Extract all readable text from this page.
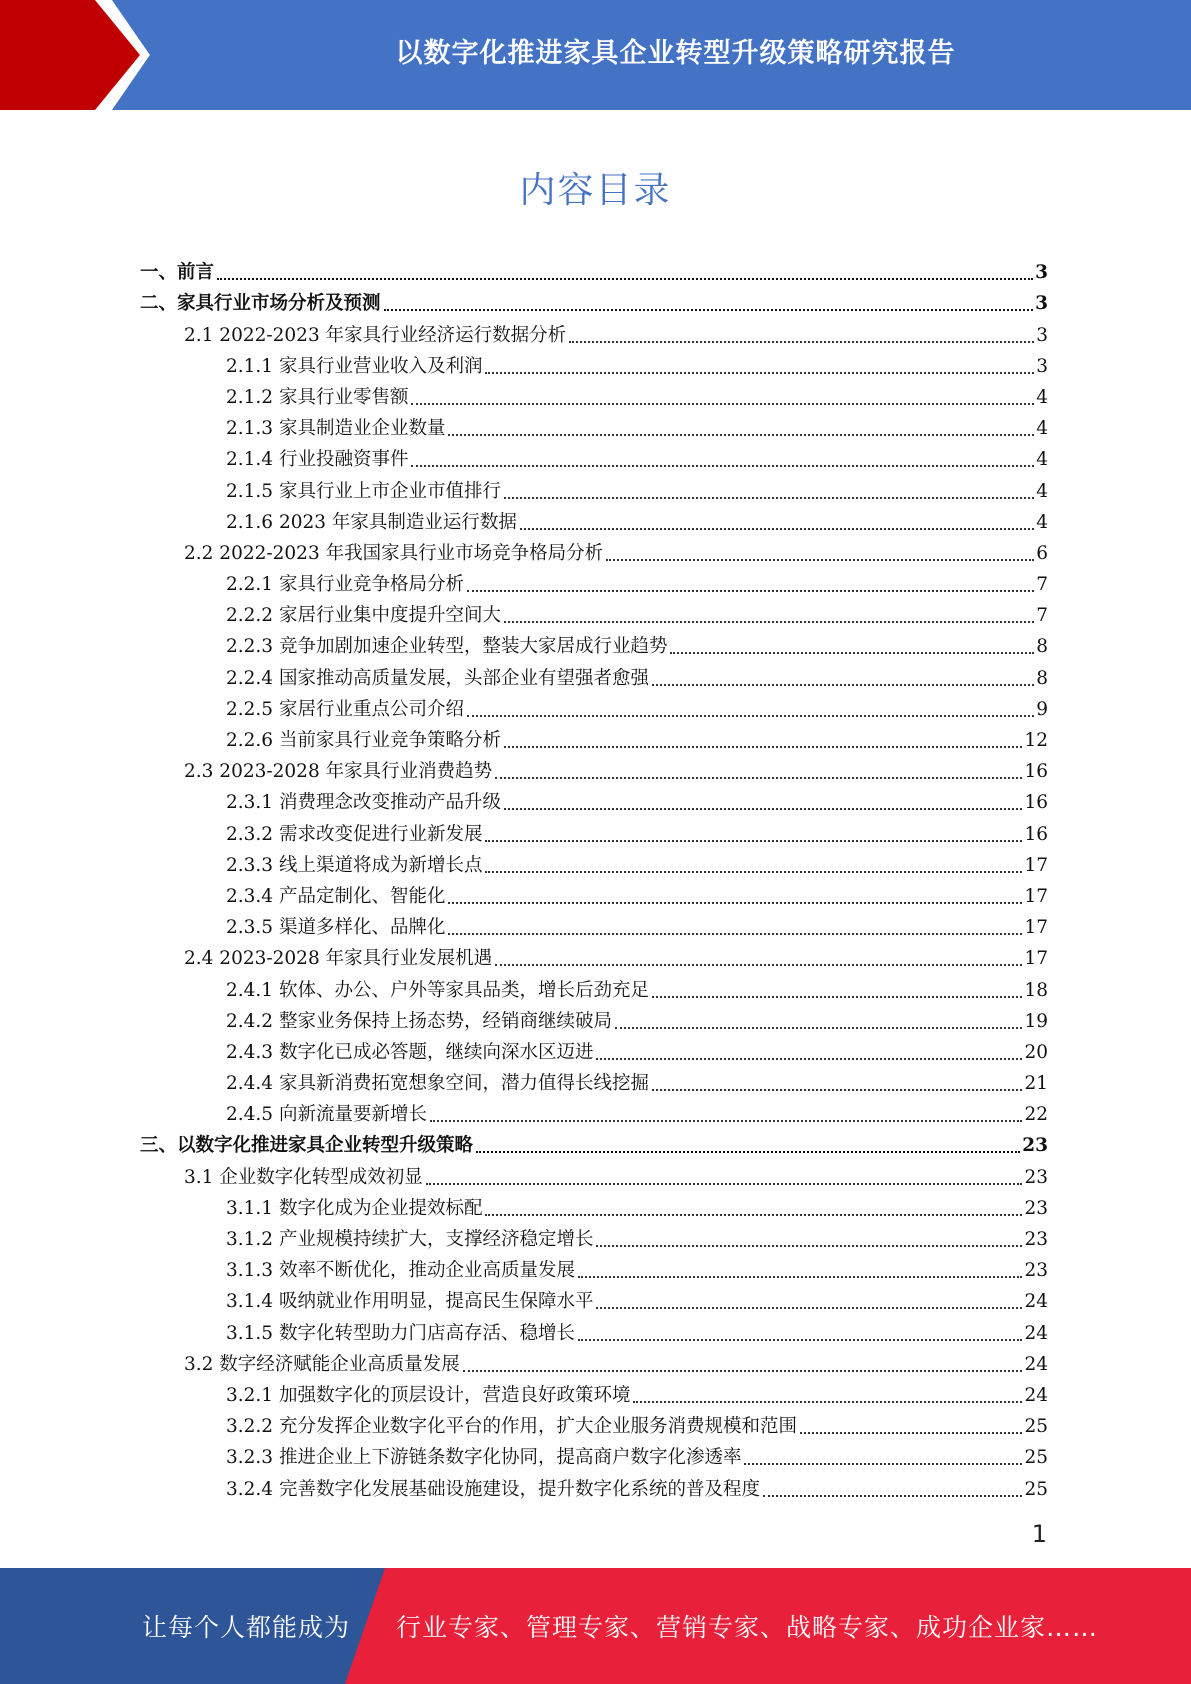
以数字化推进家具企业转型升级策略研究报告
内容目录
一、前言	3
二、家具行业市场分析及预测	3
2.1 2022-2023 年家具行业经济运行数据分析	3
2.1.1 家具行业营业收入及利润	3
2.1.2 家具行业零售额	4
2.1.3 家具制造业企业数量	4
2.1.4 行业投融资事件	4
2.1.5 家具行业上市企业市值排行	4
2.1.6 2023 年家具制造业运行数据	4
2.2 2022-2023 年我国家具行业市场竞争格局分析	6
2.2.1 家具行业竞争格局分析	7
2.2.2 家居行业集中度提升空间大	7
2.2.3 竞争加剧加速企业转型，整装大家居成行业趋势	8
2.2.4 国家推动高质量发展，头部企业有望强者愈强	8
2.2.5 家居行业重点公司介绍	9
2.2.6 当前家具行业竞争策略分析	12
2.3 2023-2028 年家具行业消费趋势	16
2.3.1 消费理念改变推动产品升级	16
2.3.2 需求改变促进行业新发展	16
2.3.3 线上渠道将成为新增长点	17
2.3.4 产品定制化、智能化	17
2.3.5 渠道多样化、品牌化	17
2.4 2023-2028 年家具行业发展机遇	17
2.4.1 软体、办公、户外等家具品类，增长后劲充足	18
2.4.2 整家业务保持上扬态势，经销商继续破局	19
2.4.3 数字化已成必答题，继续向深水区迈进	20
2.4.4 家具新消费拓宽想象空间，潜力值得长线挖掘	21
2.4.5 向新流量要新增长	22
三、以数字化推进家具企业转型升级策略	23
3.1 企业数字化转型成效初显	23
3.1.1 数字化成为企业提效标配	23
3.1.2 产业规模持续扩大，支撑经济稳定增长	23
3.1.3 效率不断优化，推动企业高质量发展	23
3.1.4 吸纳就业作用明显，提高民生保障水平	24
3.1.5 数字化转型助力门店高存活、稳增长	24
3.2 数字经济赋能企业高质量发展	24
3.2.1 加强数字化的顶层设计，营造良好政策环境	24
3.2.2 充分发挥企业数字化平台的作用，扩大企业服务消费规模和范围	25
3.2.3 推进企业上下游链条数字化协同，提高商户数字化渗透率	25
3.2.4 完善数字化发展基础设施建设，提升数字化系统的普及程度	25
1
让每个人都能成为 行业专家、管理专家、营销专家、战略专家、成功企业家……
